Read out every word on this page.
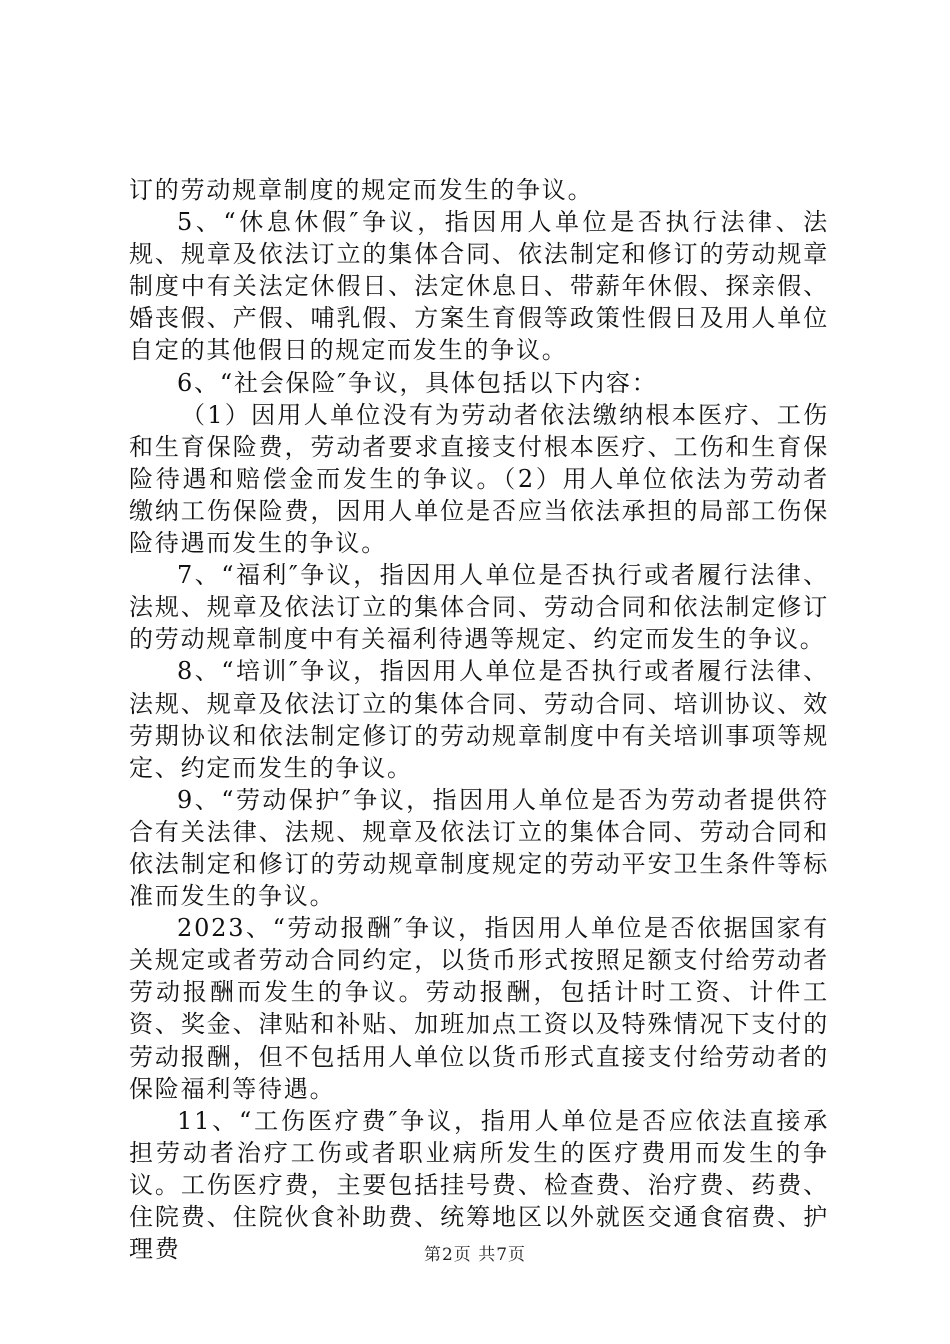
订的劳动规章制度的规定而发生的争议。

5、“休息休假″争议，指因用人单位是否执行法律、法规、规章及依法订立的集体合同、依法制定和修订的劳动规章制度中有关法定休假日、法定休息日、带薪年休假、探亲假、婚丧假、产假、哺乳假、方案生育假等政策性假日及用人单位自定的其他假日的规定而发生的争议。

6、“社会保险″争议，具体包括以下内容：

（1）因用人单位没有为劳动者依法缴纳根本医疗、工伤和生育保险费，劳动者要求直接支付根本医疗、工伤和生育保险待遇和赔偿金而发生的争议。（2）用人单位依法为劳动者缴纳工伤保险费，因用人单位是否应当依法承担的局部工伤保险待遇而发生的争议。

7、“福利″争议，指因用人单位是否执行或者履行法律、法规、规章及依法订立的集体合同、劳动合同和依法制定修订的劳动规章制度中有关福利待遇等规定、约定而发生的争议。

8、“培训″争议，指因用人单位是否执行或者履行法律、法规、规章及依法订立的集体合同、劳动合同、培训协议、效劳期协议和依法制定修订的劳动规章制度中有关培训事项等规定、约定而发生的争议。

9、“劳动保护″争议，指因用人单位是否为劳动者提供符合有关法律、法规、规章及依法订立的集体合同、劳动合同和依法制定和修订的劳动规章制度规定的劳动平安卫生条件等标准而发生的争议。

2023、“劳动报酬″争议，指因用人单位是否依据国家有关规定或者劳动合同约定，以货币形式按照足额支付给劳动者劳动报酬而发生的争议。劳动报酬，包括计时工资、计件工资、奖金、津贴和补贴、加班加点工资以及特殊情况下支付的劳动报酬，但不包括用人单位以货币形式直接支付给劳动者的保险福利等待遇。

11、“工伤医疗费″争议，指用人单位是否应依法直接承担劳动者治疗工伤或者职业病所发生的医疗费用而发生的争议。工伤医疗费，主要包括挂号费、检查费、治疗费、药费、住院费、住院伙食补助费、统筹地区以外就医交通食宿费、护理费	第2页 共7页
